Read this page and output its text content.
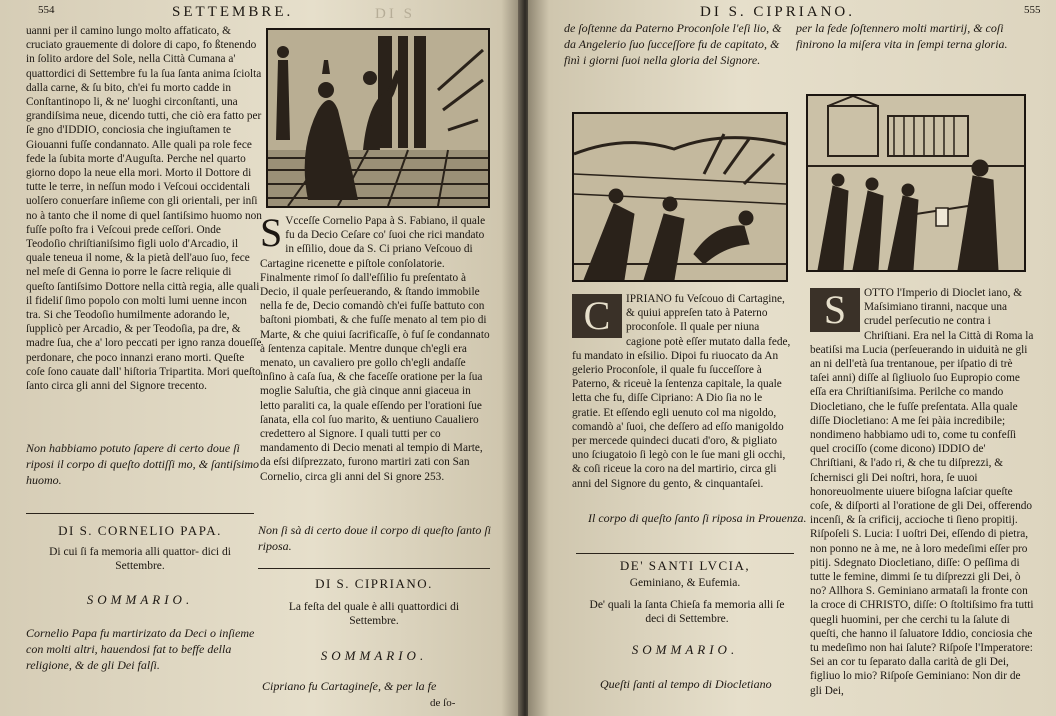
554	SETTEMBRE.	DI S

uanni per il camino lungo molto affaticato, & cruciato grauemente di dolore di capo, fo ßtenendo in ſolito ardore del Sole, nella Città Cumana a' quattordici di Settembre fu la ſua ſanta anima ſciolta dalla carne, & ſu bito, ch'ei fu morto cadde in Conſtantinopo li, & ne' luoghi circonſtanti, una grandiſsima neue, dicendo tutti, che ciò era fatto per ſe gno d'IDDIO, conciosia che ingiuſtamen te Giouanni fuſſe condannato. Alle quali pa role fece fede la ſubita morte d'Auguſta. Perche nel quarto giorno dopo la neue ella mori. Morto il Dottore di tutte le terre, in neſſun modo i Veſcoui occidentali uolſero conuerſare inſieme con gli orientali, per inſi no à tanto che il nome di quel ſantiſsimo huomo non fuſſe poſto fra i Veſcoui prede ceſſori. Onde Teodoſio chriſtianiſsimo figli uolo d'Arcadio, il quale teneua il nome, & la pietà dell'auo ſuo, fece nel meſe di Genna io porre le ſacre reliquie di queſto ſantiſsimo Dottore nella città regia, alle quali il fideliſ ſimo popolo con molti lumi uenne incon tra. Si che Teodoſio humilmente adorando le, ſupplicò per Arcadio, & per Teodoſia, pa dre, & madre ſua, che a' loro peccati per igno ranza doueſſe perdonare, che poco innanzi erano morti. Queſte coſe ſono cauate dall' hiſtoria Tripartita. Mori queſto ſanto circa gli anni del Signore trecento.

Non habbiamo potuto ſapere di certo doue ſi riposi il corpo di queſto dottiſſi mo, & ſantiſsimo huomo.
DI S. CORNELIO PAPA.
Di cui ſi fa memoria alli quattor- dici di Settembre.
SOMMARIO.
Cornelio Papa fu martirizato da Deci o inſieme con molti altri, hauendosi fat to beffe della religione, & de gli Dei falſi.
S Vcceſſe Cornelio Papa à S. Fabiano, il quale fu da Decio Ceſare co' ſuoi che rici mandato in eſſilio, doue da S. Ci priano Veſcouo di Cartagine ricenette e piſtole conſolatorie. Finalmente rimoſ ſo dall'eſſilio fu preſentato à Decio, il quale perſeuerando, & ſtando immobile nella fe de, Decio comandò ch'ei fuſſe battuto con baſtoni piombati, & che fuſſe menato al tem pio di Marte, & che quiui ſacrificaſſe, ò fuſ ſe condannato à ſentenza capitale. Mentre dunque ch'egli era menato, un cavaliero pre gollo ch'egli andaſſe inſino à caſa ſua, & che faceſſe oratione per la ſua moglie Saluſtia, che già cinque anni giaceua in letto paraliti ca, la quale eſſendo per l'orationi ſue ſanata, ella col ſuo marito, & uentiuno Caualiero credettero al Signore. I quali tutti per co mandamento di Decio menati al tempio di Marte, da eſsi diſprezzato, furono martiri zati con San Cornelio, circa gli anni del Si gnore 253.
Non ſi sà di certo doue il corpo di queſto ſanto ſi riposa.
DI S. CIPRIANO.
La feſta del quale è alli quattordici di Settembre.
SOMMARIO.
Cipriano fu Cartagineſe, & per la fe
de ſo-
DI S. CIPRIANO.	555
de ſoſtenne da Paterno Proconſole l'eſi lio, & da Angelerio ſuo ſucceſſore fu de capitato, & finì i giorni ſuoi nella gloria del Signore.
per la fede ſoſtennero molti martirij, & coſi finirono la miſera vita in ſempi terna gloria.
C	IPRIANO fu Veſcouo di Cartagine, & quiui appreſen tato à Paterno proconſole. Il quale per niuna cagione potè eſſer mutato dalla fede, fu mandato in eſsilio. Dipoi fu riuocato da An gelerio Proconſole, il quale fu ſucceſſore à Paterno, & riceuè la ſentenza capitale, la quale letta che fu, diſſe Cipriano: A Dio ſia no le gratie. Et eſſendo egli uenuto col ma nigoldo, comandò a' ſuoi, che deſſero ad eſſo manigoldo per mercede quindeci ducati d'oro, & pigliato uno ſciugatoio ſi legò con le ſue mani gli occhi, & coſi riceue la coro na del martirio, circa gli anni del Signore du gento, & cinquantaſei.
Il corpo di queſto ſanto ſi riposa in Prouenza.
DE' SANTI LVCIA,
Geminiano, & Eufemia.
De' quali la ſanta Chieſa fa memoria alli ſe deci di Settembre.
SOMMARIO.
Queſti ſanti al tempo di Diocletiano
S	OTTO l'Imperio di Dioclet iano, & Maſsimiano tiranni, nacque una crudel perſecutio ne contra i Chriſtiani. Era nel la Città di Roma la beatiſsi ma Lucia (perſeuerando in uiduità ne gli an ni dell'età ſua trentanoue, per iſpatio di trè taſei anni) diſſe al ſigliuolo ſuo Eupropio come eſſa era Chriſtianiſsima. Perilche co mando Diocletiano, che le fuſſe preſentata. Alla quale diſſe Diocletiano: A me ſei pàia incredibile; nondimeno habbiamo udi to, come tu confeſſi quel crociſſo (come dicono) IDDIO de' Chriſtiani, & l'ado ri, & che tu diſprezzi, & ſchernisci gli Dei noſtri, hora, ſe uuoi honoreuolmente uiuere biſogna laſciar queſte coſe, & diſporti al l'oratione de gli Dei, offerendo incenſi, & ſa crificij, accioche ti ſieno propitij. Riſpoſeli S. Lucia: I uoſtri Dei, eſſendo di pietra, non ponno ne à me, ne à loro medeſimi eſſer pro pitij. Sdegnato Diocletiano, diſſe: O peſſima di tutte le femine, dimmi ſe tu diſprezzi gli Dei, ò no? Allhora S. Geminiano armataſi la fronte con la croce di CHRISTO, diſſe: O ſtoltiſsimo fra tutti quegli huomini, per che cerchi tu la ſalute di queſti, che hanno il ſaluatore Iddio, conciosia che tu medeſimo non hai ſalute? Riſpoſe l'Imperatore: Sei an cor tu ſeparato dalla carità de gli Dei, figliuo lo mio? Riſpoſe Geminiano: Non dir de gli Dei,
